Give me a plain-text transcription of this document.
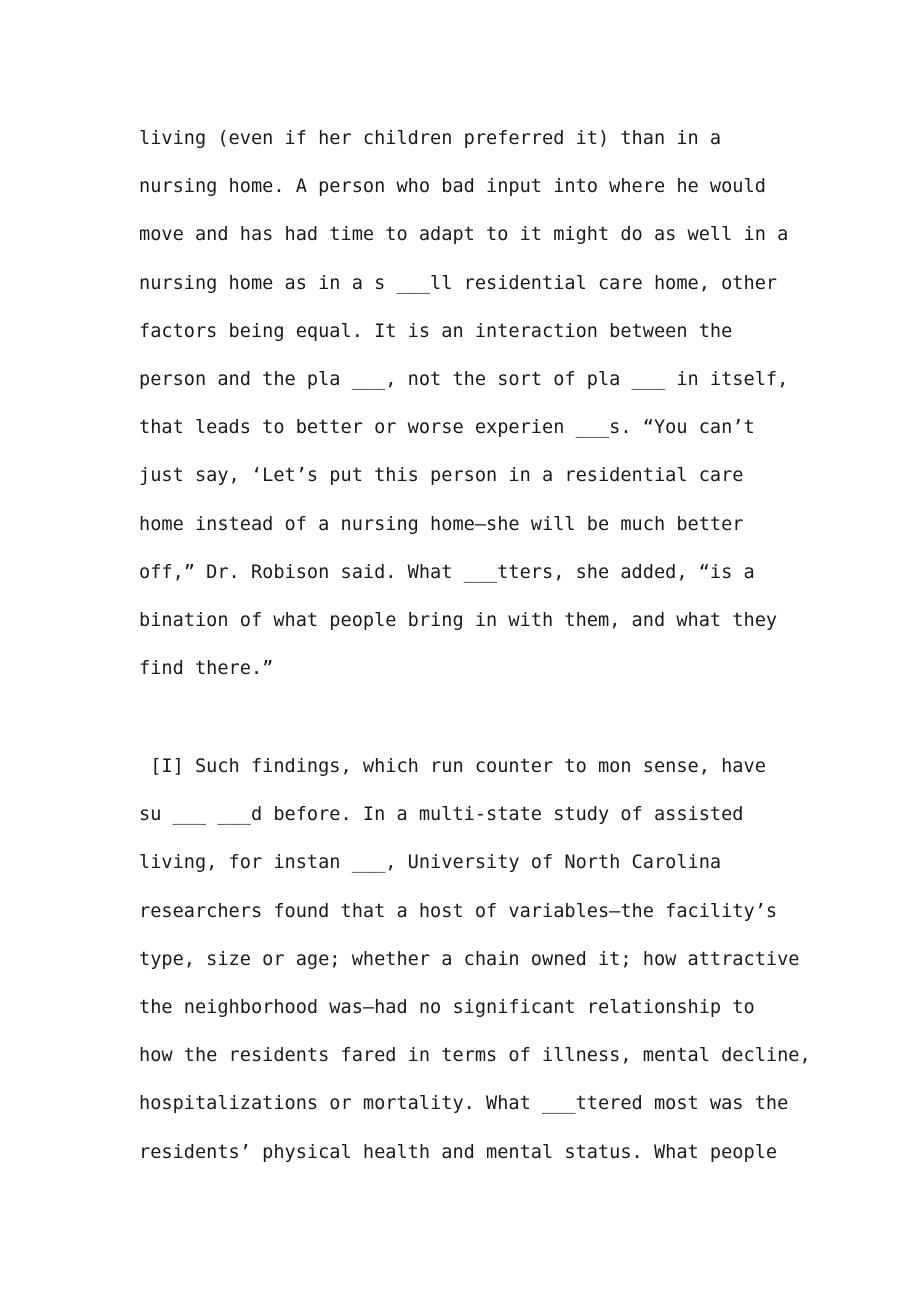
living (even if her children preferred it) than in a
nursing home. A person who bad input into where he would
move and has had time to adapt to it might do as well in a
nursing home as in a s ___ll residential care home, other
factors being equal. It is an interaction between the
person and the pla ___, not the sort of pla ___ in itself,
that leads to better or worse experien ___s. “You can’t
just say, ‘Let’s put this person in a residential care
home instead of a nursing home—she will be much better
off,” Dr. Robison said. What ___tters, she added, “is a
bination of what people bring in with them, and what they
find there.”
[I] Such findings, which run counter to mon sense, have
su ___ ___d before. In a multi-state study of assisted
living, for instan ___, University of North Carolina
researchers found that a host of variables—the facility’s
type, size or age; whether a chain owned it; how attractive
the neighborhood was—had no significant relationship to
how the residents fared in terms of illness, mental decline,
hospitalizations or mortality. What ___ttered most was the
residents’ physical health and mental status. What people
